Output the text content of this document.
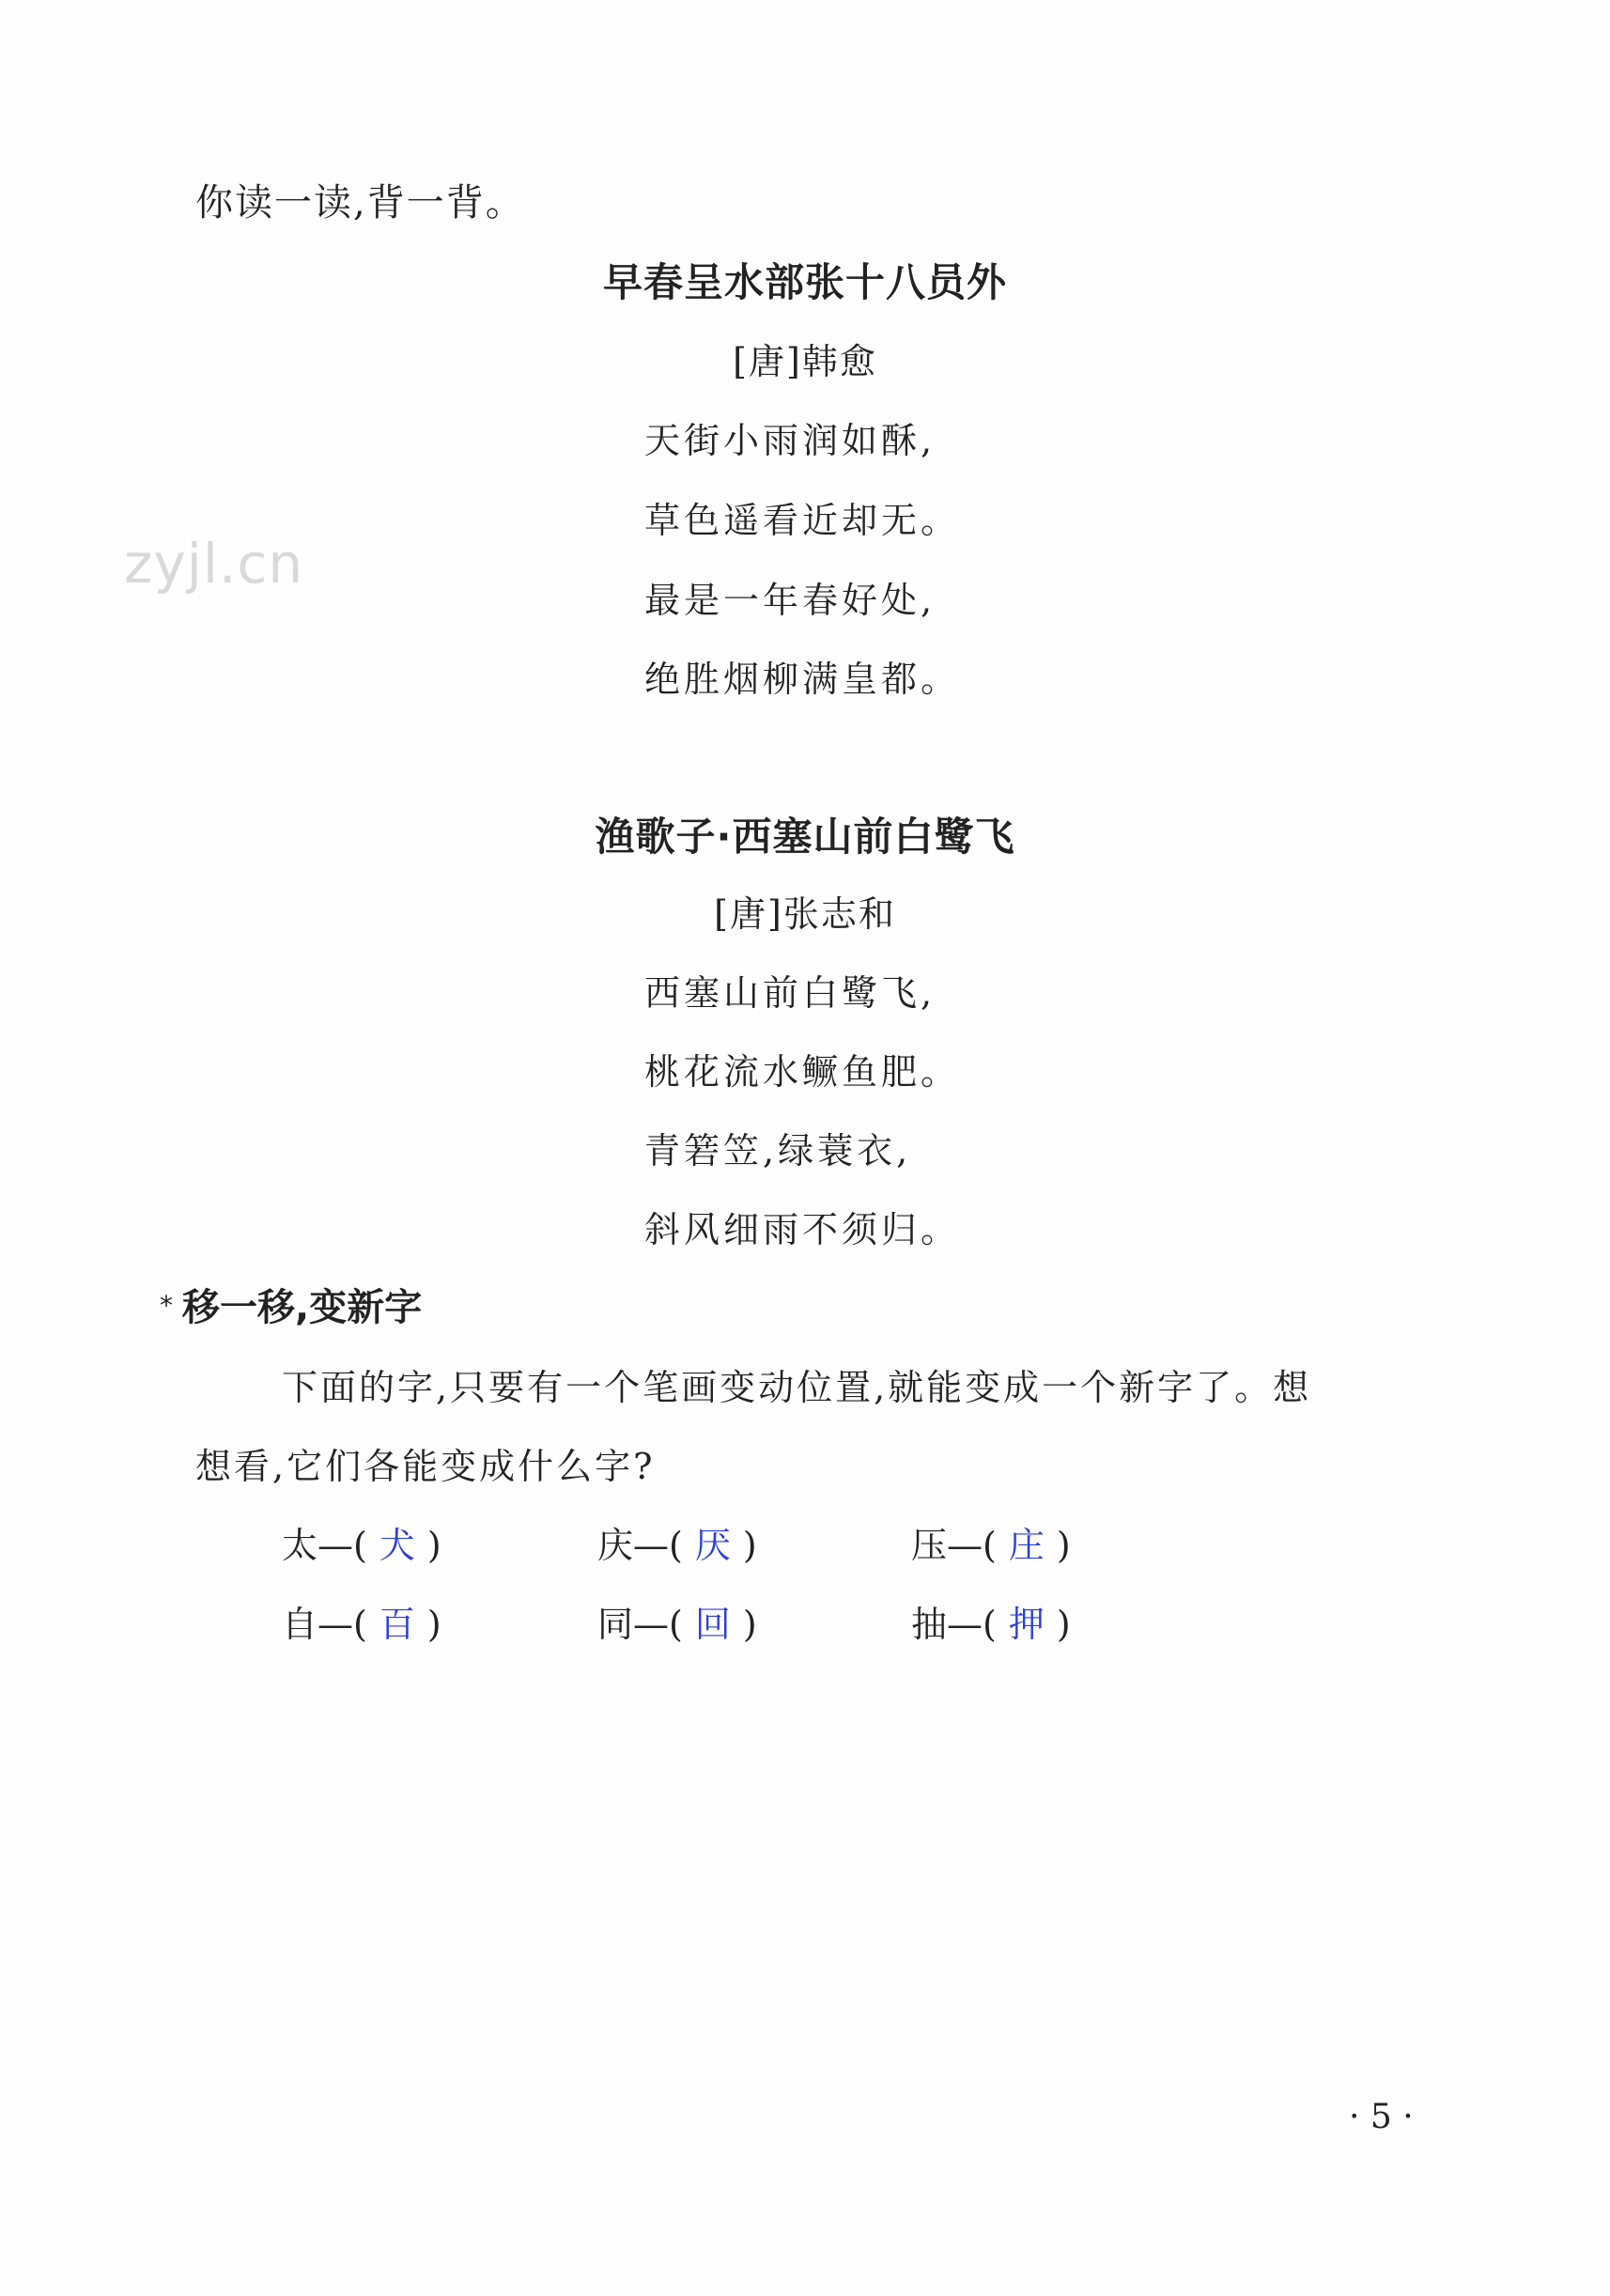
zyjl.cn
你读一读,背一背。
早春呈水部张十八员外
[唐]韩愈
天街小雨润如酥,
草色遥看近却无。
最是一年春好处,
绝胜烟柳满皇都。
渔歌子·西塞山前白鹭飞
[唐]张志和
西塞山前白鹭飞,
桃花流水鳜鱼肥。
青箬笠,绿蓑衣,
斜风细雨不须归。
* 移一移,变新字
下面的字,只要有一个笔画变动位置,就能变成一个新字了。想
想看,它们各能变成什么字?
太—( 犬 )	庆—( 厌 )	压—( 庄 )
自—( 百 )	同—( 回 )	抽—( 押 )
· 5 ·
